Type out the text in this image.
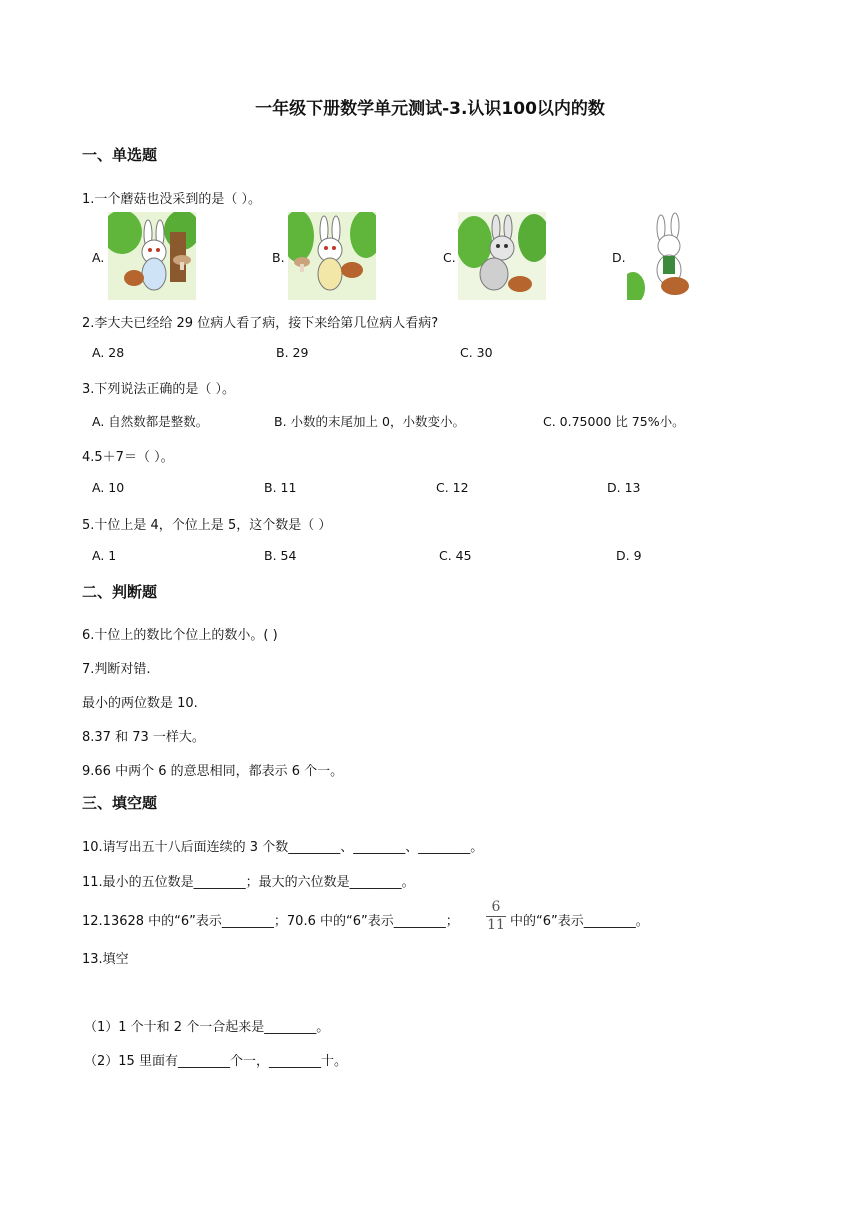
一年级下册数学单元测试-3.认识100以内的数
一、单选题
1.一个蘑菇也没采到的是（ ）。
A.	B.	C.	D.
2.李大夫已经给 29 位病人看了病，接下来给第几位病人看病?
A. 28	B. 29	C. 30
3.下列说法正确的是（ ）。
A. 自然数都是整数。	B. 小数的末尾加上 0，小数变小。	C. 0.75000 比 75%小。
4.5＋7＝（ ）。
A. 10	B. 11	C. 12	D. 13
5.十位上是 4，个位上是 5，这个数是（ ）
A. 1	B. 54	C. 45	D. 9
二、判断题
6.十位上的数比个位上的数小。( )
7.判断对错.
最小的两位数是 10.
8.37 和 73 一样大。
9.66 中两个 6 的意思相同，都表示 6 个一。
三、填空题
10.请写出五十八后面连续的 3 个数________、________、________。
11.最小的五位数是________；最大的六位数是________。
12.13628 中的“6”表示________；70.6 中的“6”表示________；
6
11 中的“6”表示________。
13.填空
（1）1 个十和 2 个一合起来是________。
（2）15 里面有________个一，________十。
